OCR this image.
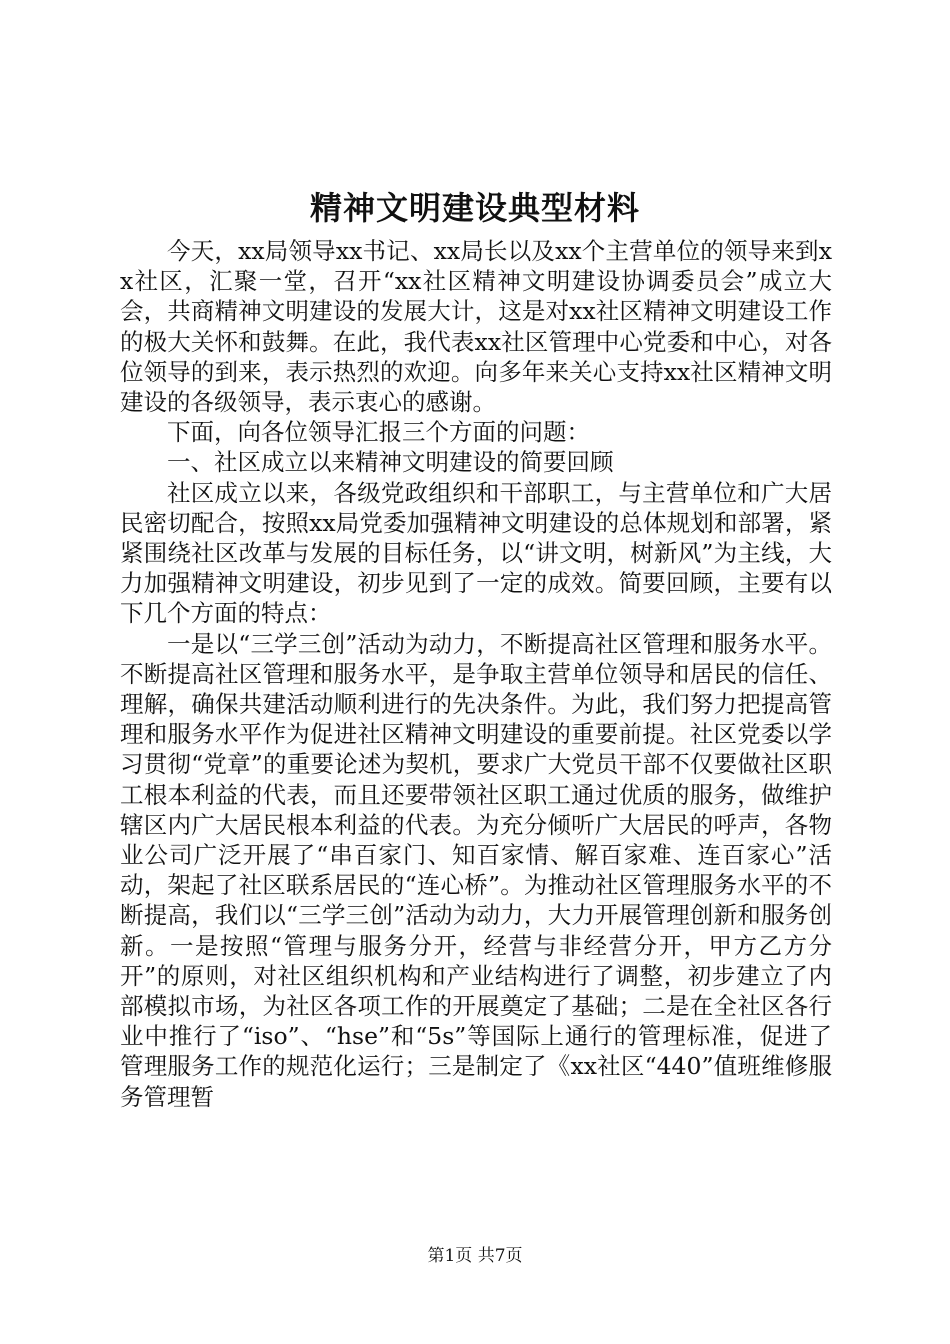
精神文明建设典型材料

今天，xx局领导xx书记、xx局长以及xx个主营单位的领导来到xx社区，汇聚一堂，召开“xx社区精神文明建设协调委员会”成立大会，共商精神文明建设的发展大计，这是对xx社区精神文明建设工作的极大关怀和鼓舞。在此，我代表xx社区管理中心党委和中心，对各位领导的到来，表示热烈的欢迎。向多年来关心支持xx社区精神文明建设的各级领导，表示衷心的感谢。

下面，向各位领导汇报三个方面的问题：

一、社区成立以来精神文明建设的简要回顾

社区成立以来，各级党政组织和干部职工，与主营单位和广大居民密切配合，按照xx局党委加强精神文明建设的总体规划和部署，紧紧围绕社区改革与发展的目标任务，以“讲文明，树新风”为主线，大力加强精神文明建设，初步见到了一定的成效。简要回顾，主要有以下几个方面的特点：

一是以“三学三创”活动为动力，不断提高社区管理和服务水平。不断提高社区管理和服务水平，是争取主营单位领导和居民的信任、理解，确保共建活动顺利进行的先决条件。为此，我们努力把提高管理和服务水平作为促进社区精神文明建设的重要前提。社区党委以学习贯彻“党章”的重要论述为契机，要求广大党员干部不仅要做社区职工根本利益的代表，而且还要带领社区职工通过优质的服务，做维护辖区内广大居民根本利益的代表。为充分倾听广大居民的呼声，各物业公司广泛开展了“串百家门、知百家情、解百家难、连百家心”活动，架起了社区联系居民的“连心桥”。为推动社区管理服务水平的不断提高，我们以“三学三创”活动为动力，大力开展管理创新和服务创新。一是按照“管理与服务分开，经营与非经营分开，甲方乙方分开”的原则，对社区组织机构和产业结构进行了调整，初步建立了内部模拟市场，为社区各项工作的开展奠定了基础；二是在全社区各行业中推行了“iso”、“hse”和“5s”等国际上通行的管理标准，促进了管理服务工作的规范化运行；三是制定了《xx社区“440”值班维修服务管理暂

第1页 共7页
